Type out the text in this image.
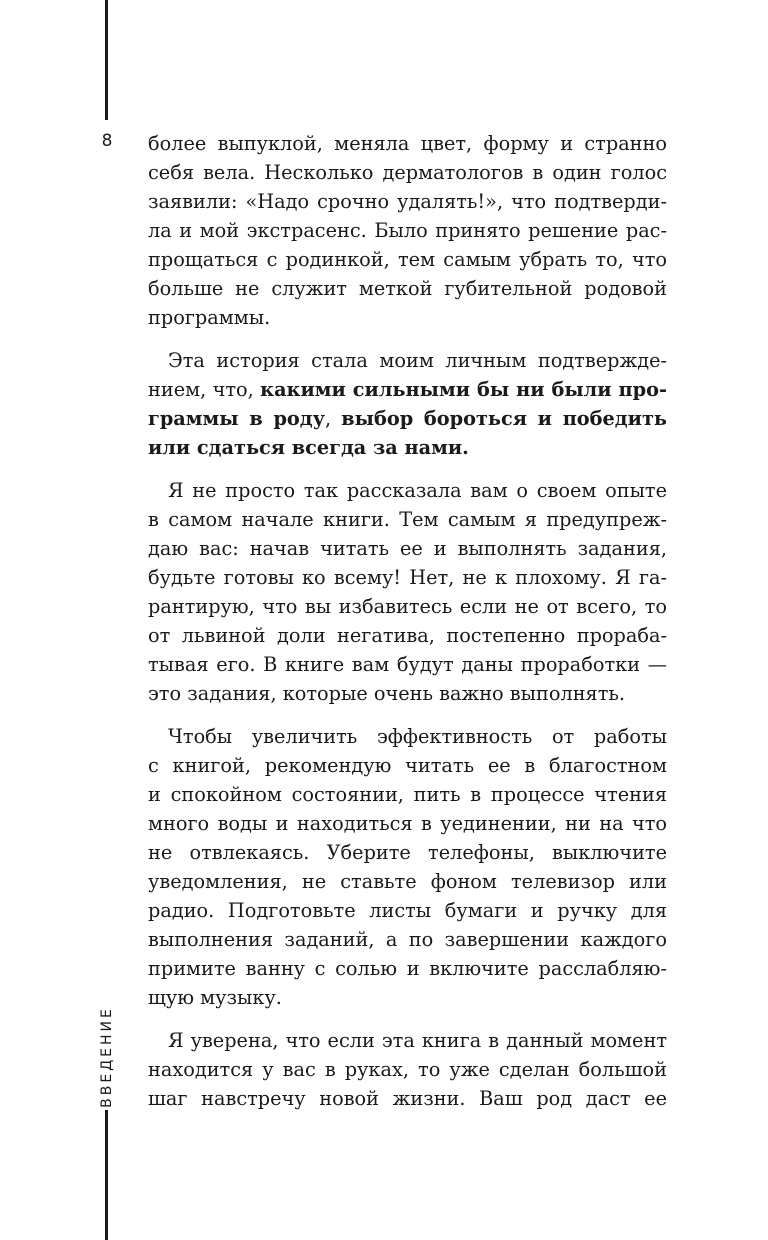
8
ВВЕДЕНИЕ

более выпуклой, меняла цвет, форму и странно
себя вела. Несколько дерматологов в один голос
заявили: «Надо срочно удалять!», что подтверди-
ла и мой экстрасенс. Было принято решение рас-
прощаться с родинкой, тем самым убрать то, что
больше не служит меткой губительной родовой
программы.

Эта история стала моим личным подтвержде-
нием, что, какими сильными бы ни были про-
граммы в роду, выбор бороться и победить
или сдаться всегда за нами.

Я не просто так рассказала вам о своем опыте
в самом начале книги. Тем самым я предупреж-
даю вас: начав читать ее и выполнять задания,
будьте готовы ко всему! Нет, не к плохому. Я га-
рантирую, что вы избавитесь если не от всего, то
от львиной доли негатива, постепенно прораба-
тывая его. В книге вам будут даны проработки —
это задания, которые очень важно выполнять.

Чтобы увеличить эффективность от работы
с книгой, рекомендую читать ее в благостном
и спокойном состоянии, пить в процессе чтения
много воды и находиться в уединении, ни на что
не отвлекаясь. Уберите телефоны, выключите
уведомления, не ставьте фоном телевизор или
радио. Подготовьте листы бумаги и ручку для
выполнения заданий, а по завершении каждого
примите ванну с солью и включите расслабляю-
щую музыку.

Я уверена, что если эта книга в данный момент
находится у вас в руках, то уже сделан большой
шаг навстречу новой жизни. Ваш род даст ее
